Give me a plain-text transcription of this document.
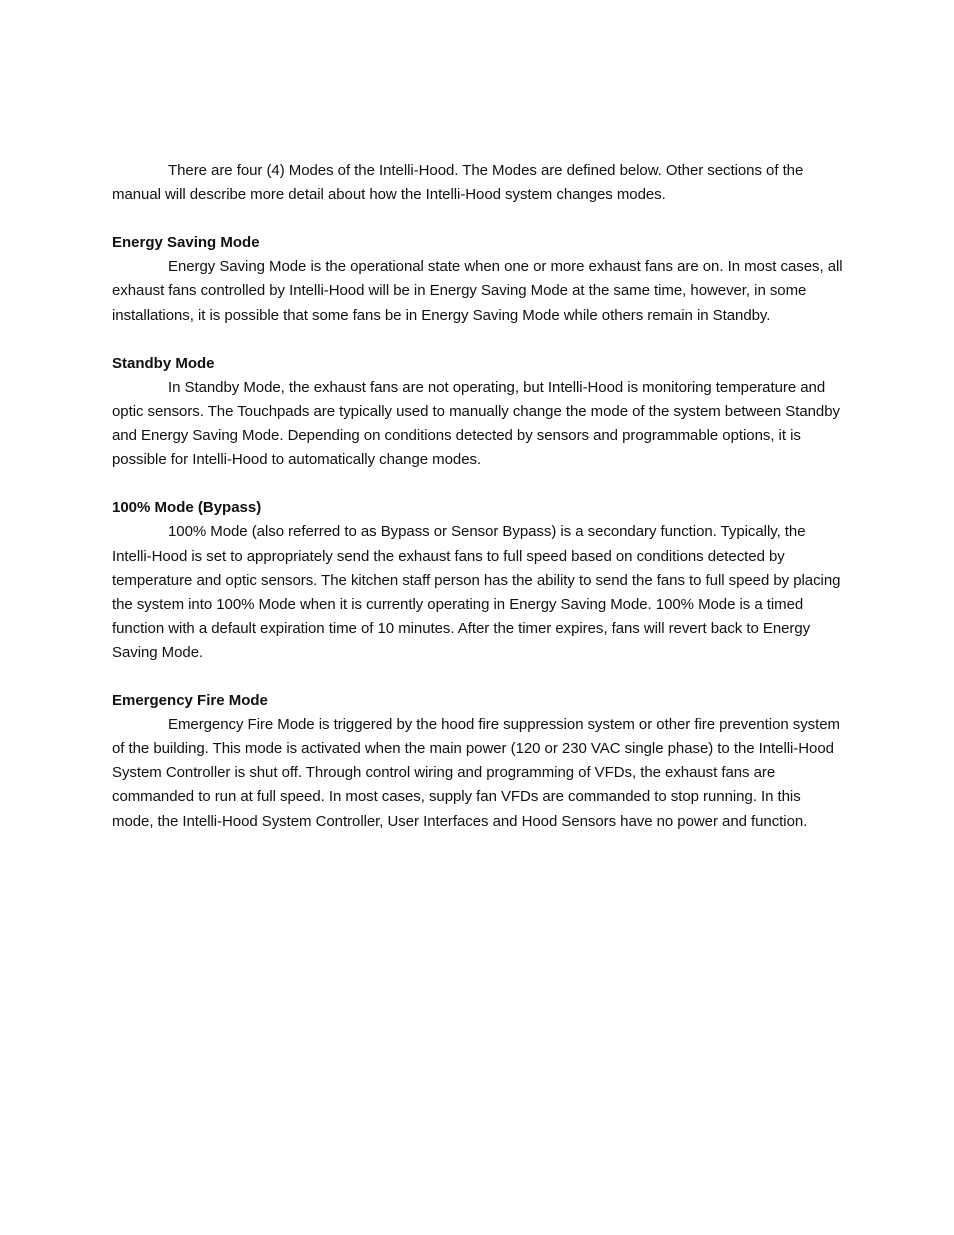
There are four (4) Modes of the Intelli-Hood. The Modes are defined below. Other sections of the manual will describe more detail about how the Intelli-Hood system changes modes.

Energy Saving Mode

Energy Saving Mode is the operational state when one or more exhaust fans are on. In most cases, all exhaust fans controlled by Intelli-Hood will be in Energy Saving Mode at the same time, however, in some installations, it is possible that some fans be in Energy Saving Mode while others remain in Standby.

Standby Mode

In Standby Mode, the exhaust fans are not operating, but Intelli-Hood is monitoring temperature and optic sensors. The Touchpads are typically used to manually change the mode of the system between Standby and Energy Saving Mode. Depending on conditions detected by sensors and programmable options, it is possible for Intelli-Hood to automatically change modes.

100% Mode (Bypass)

100% Mode (also referred to as Bypass or Sensor Bypass) is a secondary function. Typically, the Intelli-Hood is set to appropriately send the exhaust fans to full speed based on conditions detected by temperature and optic sensors. The kitchen staff person has the ability to send the fans to full speed by placing the system into 100% Mode when it is currently operating in Energy Saving Mode. 100% Mode is a timed function with a default expiration time of 10 minutes. After the timer expires, fans will revert back to Energy Saving Mode.

Emergency Fire Mode

Emergency Fire Mode is triggered by the hood fire suppression system or other fire prevention system of the building. This mode is activated when the main power (120 or 230 VAC single phase) to the Intelli-Hood System Controller is shut off. Through control wiring and programming of VFDs, the exhaust fans are commanded to run at full speed. In most cases, supply fan VFDs are commanded to stop running. In this mode, the Intelli-Hood System Controller, User Interfaces and Hood Sensors have no power and function.
